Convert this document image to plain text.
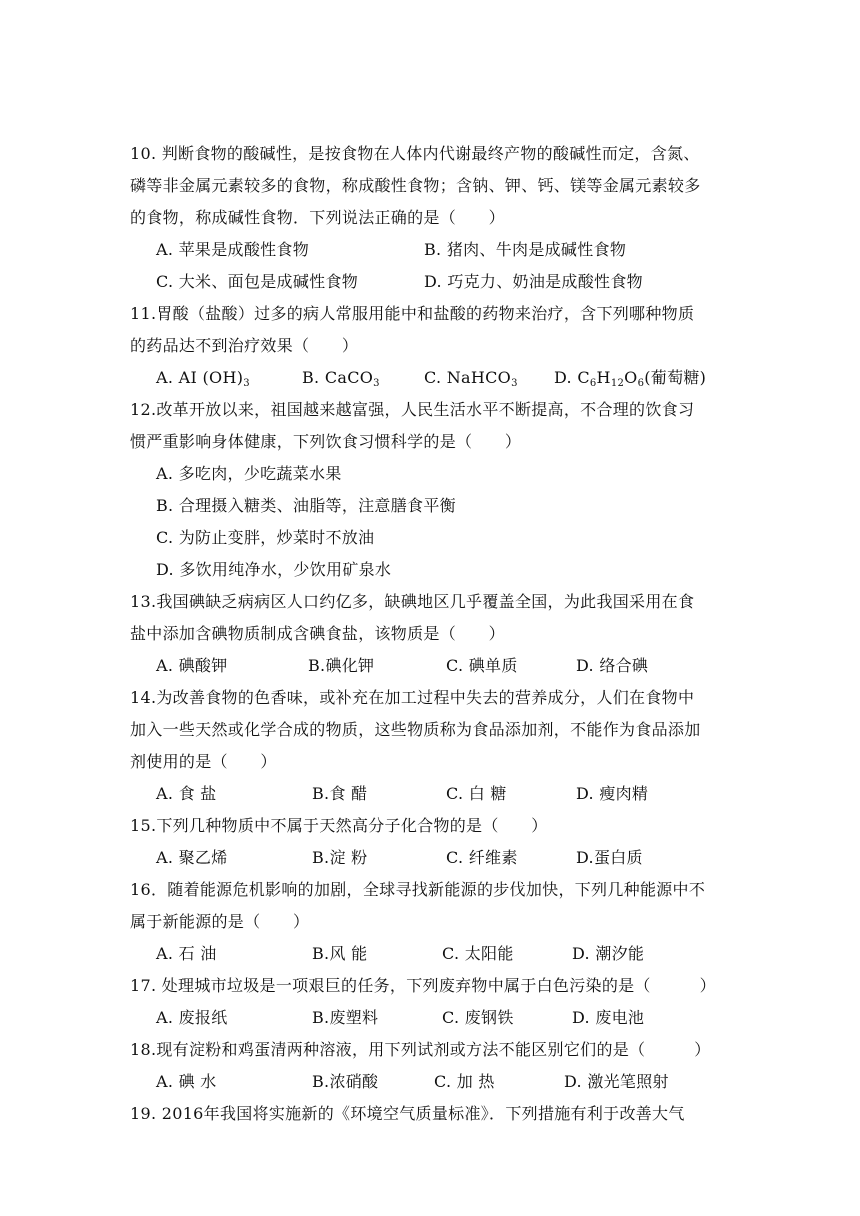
10. 判断食物的酸碱性，是按食物在人体内代谢最终产物的酸碱性而定，含氮、
磷等非金属元素较多的食物，称成酸性食物；含钠、钾、钙、镁等金属元素较多
的食物，称成碱性食物．下列说法正确的是（　　）
A. 苹果是成酸性食物	B. 猪肉、牛肉是成碱性食物
C. 大米、面包是成碱性食物	D. 巧克力、奶油是成酸性食物
11.胃酸（盐酸）过多的病人常服用能中和盐酸的药物来治疗，含下列哪种物质
的药品达不到治疗效果（　　）
A. AI $(OH)_3$	B. CaCO$_3$	C. NaHCO$_3$ D. $C_6H_{12}O_6$(葡萄糖)
12.改革开放以来，祖国越来越富强，人民生活水平不断提高，不合理的饮食习
惯严重影响身体健康，下列饮食习惯科学的是（　　）
A. 多吃肉，少吃蔬菜水果
B. 合理摄入糖类、油脂等，注意膳食平衡
C. 为防止变胖，炒菜时不放油
D. 多饮用纯净水，少饮用矿泉水
13.我国碘缺乏病病区人口约亿多，缺碘地区几乎覆盖全国，为此我国采用在食
盐中添加含碘物质制成含碘食盐，该物质是（　　）
A. 碘酸钾	B.碘化钾	C. 碘单质	D. 络合碘
14.为改善食物的色香味，或补充在加工过程中失去的营养成分，人们在食物中
加入一些天然或化学合成的物质，这些物质称为食品添加剂，不能作为食品添加
剂使用的是（　　）
A. 食 盐	B.食 醋	C. 白 糖	D. 瘦肉精
15.下列几种物质中不属于天然高分子化合物的是（　　）
A. 聚乙烯	B.淀 粉	C. 纤维素	D.蛋白质
16．随着能源危机影响的加剧，全球寻找新能源的步伐加快，下列几种能源中不
属于新能源的是（　　）
A. 石 油	B.风 能	C. 太阳能	D. 潮汐能
17. 处理城市垃圾是一项艰巨的任务，下列废弃物中属于白色污染的是（　　　）
A. 废报纸	B.废塑料	C. 废钢铁	D. 废电池
18.现有淀粉和鸡蛋清两种溶液，用下列试剂或方法不能区别它们的是（　　　）
A. 碘 水	B.浓硝酸	C. 加 热	D. 激光笔照射
19. 2016年我国将实施新的《环境空气质量标准》．下列措施有利于改善大气
